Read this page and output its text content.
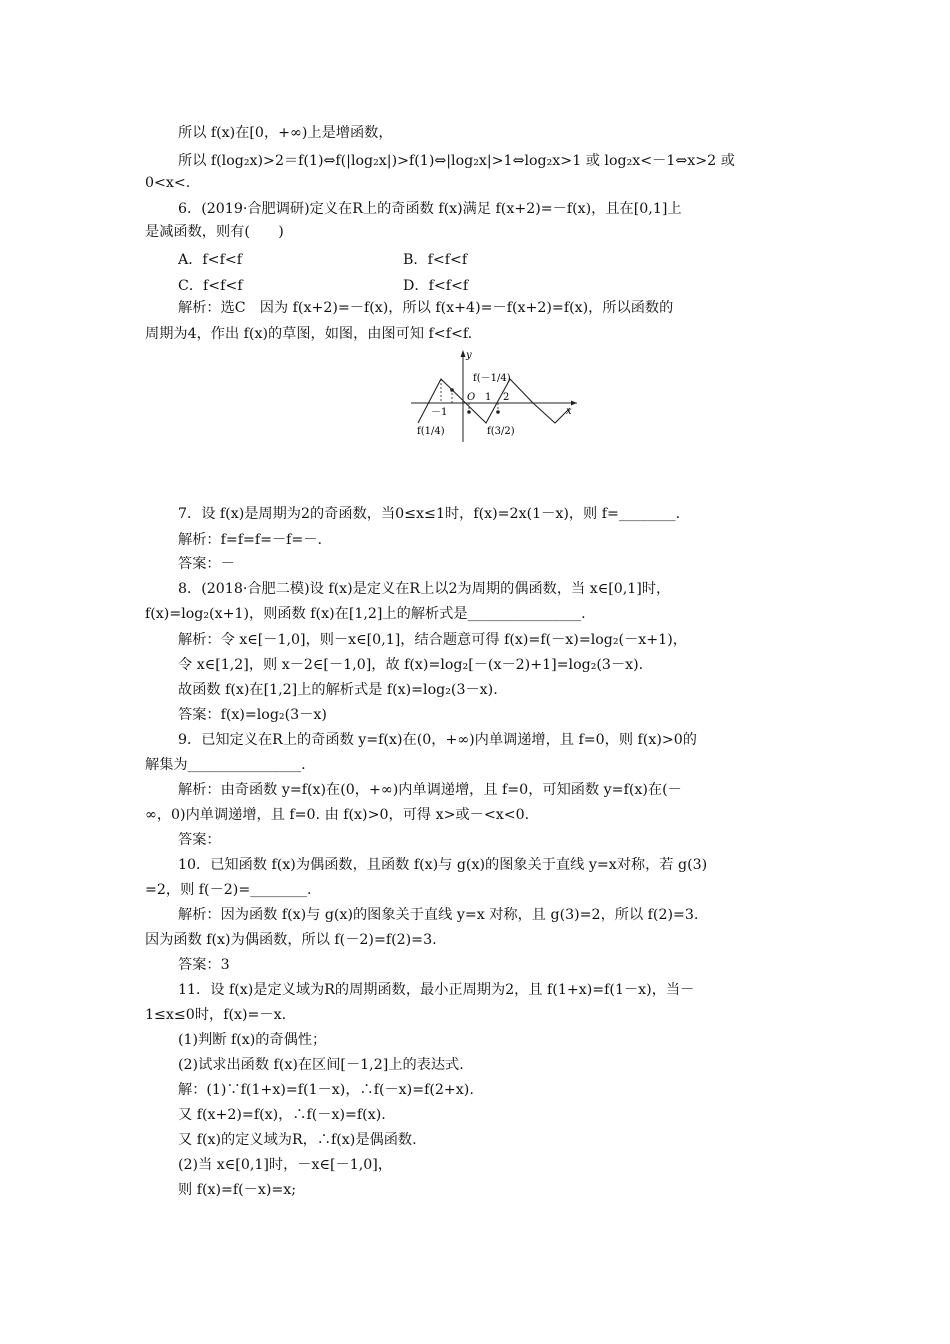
所以 f(x)在[0，+∞)上是增函数，
所以 f(log₂x)>2＝f(1)⇔f(|log₂x|)>f(1)⇔|log₂x|>1⇔log₂x>1 或 log₂x<－1⇔x>2 或
0<x<.
6．(2019·合肥调研)定义在R上的奇函数 f(x)满足 f(x+2)=－f(x)，且在[0,1]上
是减函数，则有(　　)
A．f<f<f	B．f<f<f
C．f<f<f	D．f<f<f
解析：选C　因为 f(x+2)=－f(x)，所以 f(x+4)=－f(x+2)=f(x)，所以函数的
周期为4，作出 f(x)的草图，如图，由图可知 f<f<f.
y
x
O
－1
1 2
f(－1/4)
f(1/4)	f(3/2)
7．设 f(x)是周期为2的奇函数，当0≤x≤1时，f(x)=2x(1－x)，则 f=________.
解析：f=f=f=－f=－.
答案：－
8．(2018·合肥二模)设 f(x)是定义在R上以2为周期的偶函数，当 x∈[0,1]时，
f(x)=log₂(x+1)，则函数 f(x)在[1,2]上的解析式是________________.
解析：令 x∈[－1,0]，则－x∈[0,1]，结合题意可得 f(x)=f(－x)=log₂(－x+1)，
令 x∈[1,2]，则 x－2∈[－1,0]，故 f(x)=log₂[－(x－2)+1]=log₂(3－x).
故函数 f(x)在[1,2]上的解析式是 f(x)=log₂(3－x).
答案：f(x)=log₂(3－x)
9．已知定义在R上的奇函数 y=f(x)在(0，+∞)内单调递增，且 f=0，则 f(x)>0的
解集为________________.
解析：由奇函数 y=f(x)在(0，+∞)内单调递增，且 f=0，可知函数 y=f(x)在(－
∞，0)内单调递增，且 f=0. 由 f(x)>0，可得 x>或－<x<0.
答案：
10．已知函数 f(x)为偶函数，且函数 f(x)与 g(x)的图象关于直线 y=x对称，若 g(3)
=2，则 f(－2)=________.
解析：因为函数 f(x)与 g(x)的图象关于直线 y=x 对称，且 g(3)=2，所以 f(2)=3.
因为函数 f(x)为偶函数，所以 f(－2)=f(2)=3.
答案：3
11．设 f(x)是定义域为R的周期函数，最小正周期为2，且 f(1+x)=f(1－x)，当－
1≤x≤0时，f(x)=－x.
(1)判断 f(x)的奇偶性；
(2)试求出函数 f(x)在区间[－1,2]上的表达式.
解：(1)∵f(1+x)=f(1－x)，∴f(－x)=f(2+x).
又 f(x+2)=f(x)，∴f(－x)=f(x).
又 f(x)的定义域为R，∴f(x)是偶函数.
(2)当 x∈[0,1]时，－x∈[－1,0]，
则 f(x)=f(－x)=x;
